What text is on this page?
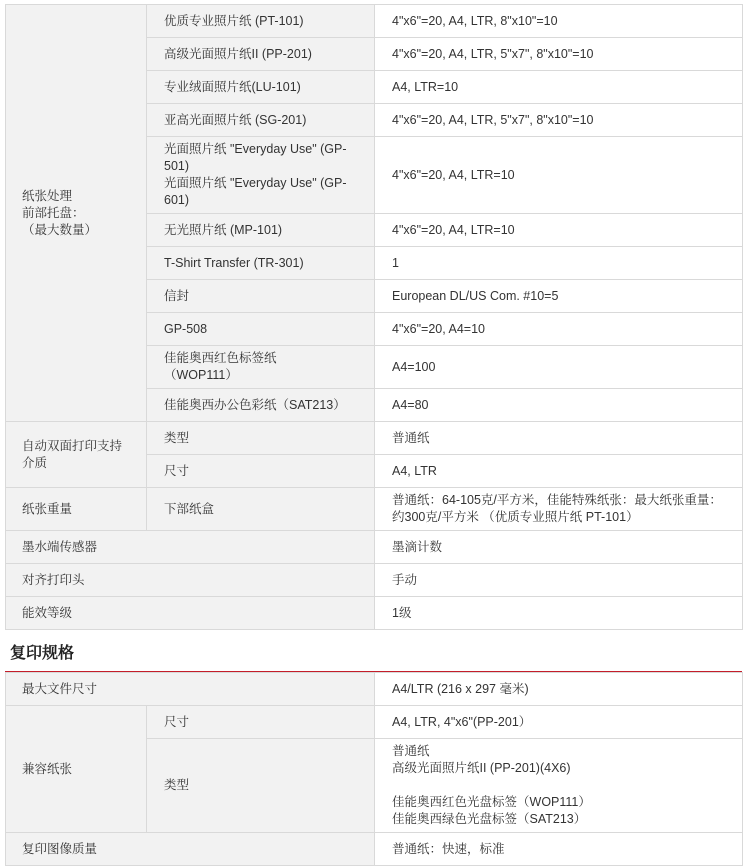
纸张处理
前部托盘：
（最大数量）	优质专业照片纸 (PT-101)	4"x6"=20, A4, LTR, 8"x10"=10
	高级光面照片纸II (PP-201)	4"x6"=20, A4, LTR, 5"x7", 8"x10"=10
	专业绒面照片纸(LU-101)	A4, LTR=10
	亚高光面照片纸 (SG-201)	4"x6"=20, A4, LTR, 5"x7", 8"x10"=10
	光面照片纸 "Everyday Use" (GP-501)
光面照片纸 "Everyday Use" (GP-601)	4"x6"=20, A4, LTR=10
	无光照片纸 (MP-101)	4"x6"=20, A4, LTR=10
	T-Shirt Transfer (TR-301)	1
	信封	European DL/US Com. #10=5
	GP-508	4"x6"=20, A4=10
	佳能奥西红色标签纸
（WOP111）	A4=100
	佳能奥西办公色彩纸（SAT213）	A4=80
自动双面打印支持介质	类型	普通纸
	尺寸	A4, LTR
纸张重量	下部纸盒	普通纸：64-105克/平方米，佳能特殊纸张：最大纸张重量：约300克/平方米 （优质专业照片纸 PT-101）
墨水端传感器		墨滴计数
对齐打印头		手动
能效等级		1级
复印规格
最大文件尺寸		A4/LTR (216 x 297 毫米)
兼容纸张	尺寸	A4, LTR, 4"x6"(PP-201）
	类型	普通纸
高级光面照片纸II (PP-201)(4X6)

佳能奥西红色光盘标签（WOP111）
佳能奥西绿色光盘标签（SAT213）
复印图像质量		普通纸：快速，标准
